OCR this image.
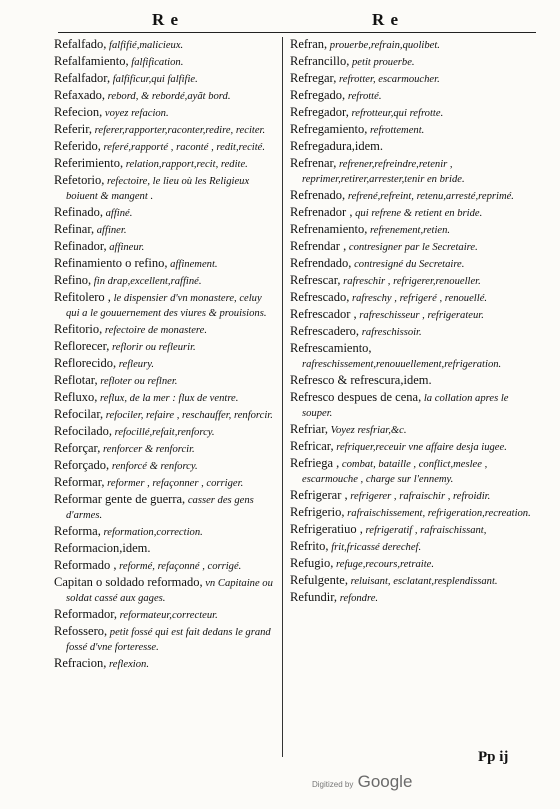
R e	R e
Refalfado, falfifié,malicieux.
Refalfamiento, falfification.
Refalfador, falfificur,qui falfifie.
Refaxado, rebord, & rebordé,ayãt bord.
Refecion, voyez refacion.
Referir, referer,rapporter,raconter,redire, reciter.
Referido, referé,rapporté , raconté , redit,recité.
Referimiento, relation,rapport,recit, redite.
Refetorio, refectoire, le lieu où les Religieux boiuent & mangent .
Refinado, affiné.
Refinar, affiner.
Refinador, affineur.
Refinamiento o refino, affinement.
Refino, fin drap,excellent,raffiné.
Refitolero , le dispensier d'vn monastere, celuy qui a le gouuernement des viures & prouisions.
Refitorio, refectoire de monastere.
Reflorecer, reflorir ou refleurir.
Reflorecido, refleury.
Reflotar, refloter ou reflner.
Refluxo, reflux, de la mer : flux de ventre.
Refocilar, refociler, refaire , reschauffer, renforcir.
Refocilado, refocillé,refait,renforcy.
Reforçar, renforcer & renforcir.
Reforçado, renforcé & renforcy.
Reformar, reformer , refaçonner , corriger.
Reformar gente de guerra, casser des gens d'armes.
Reforma, reformation,correction.
Reformacion,idem.
Reformado , reformé, refaçonné , corrigé.
Capitan o soldado reformado, vn Capitaine ou soldat cassé aux gages.
Reformador, reformateur,correcteur.
Refossero, petit fossé qui est fait dedans le grand fossé d'vne forteresse.
Refracion, reflexion.
Refran, prouerbe,refrain,quolibet.
Refrancillo, petit prouerbe.
Refregar, refrotter, escarmoucher.
Refregado, refrotté.
Refregador, refrotteur,qui refrotte.
Refregamiento, refrottement.
Refregadura,idem.
Refrenar, refrener,refreindre,retenir , reprimer,retirer,arrester,tenir en bride.
Refrenado, refrené,refreint, retenu,arresté,reprimé.
Refrenador , qui refrene & retient en bride.
Refrenamiento, refrenement,retien.
Refrendar , contresigner par le Secretaire.
Refrendado, contresigné du Secretaire.
Refrescar, rafreschir , refrigerer,renoueller.
Refrescado, rafreschy , refrigeré , renouellé.
Refrescador , rafreschisseur , refrigerateur.
Refrescadero, rafreschissoir.
Refrescamiento, rafreschissement,renouuellement,refrigeration.
Refresco & refrescura,idem.
Refresco despues de cena, la collation apres le souper.
Refriar, Voyez resfriar,&c.
Refricar, refriquer,receuir vne affaire desja iugee.
Refriega , combat, bataille , conflict,meslee , escarmouche , charge sur l'ennemy.
Refrigerar , refrigerer , rafraischir , refroidir.
Refrigerio, rafraischissement, refrigeration,recreation.
Refrigeratiuo , refrigeratif , rafraischissant,
Refrito, frit,fricassé derechef.
Refugio, refuge,recours,retraite.
Refulgente, reluisant, esclatant,resplendissant.
Refundir, refondre.
Pp ij
Digitized by Google
